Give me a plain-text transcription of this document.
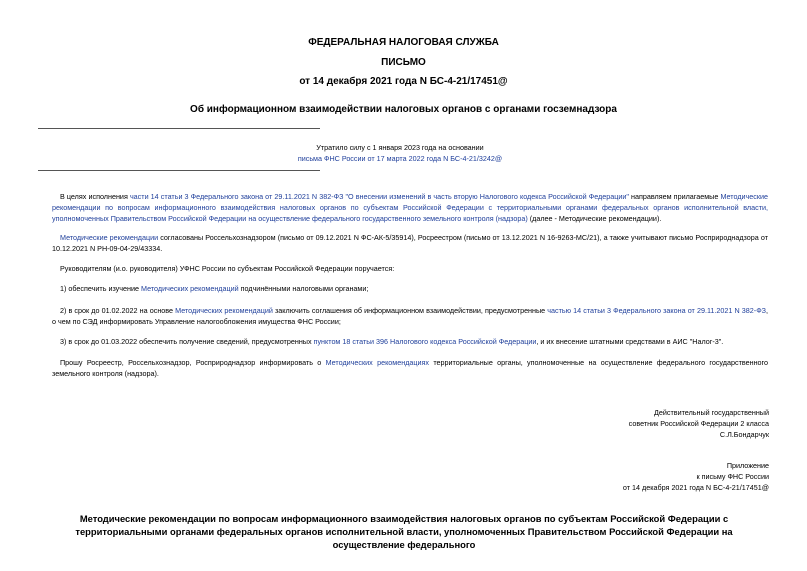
ФЕДЕРАЛЬНАЯ НАЛОГОВАЯ СЛУЖБА
ПИСЬМО
от 14 декабря 2021 года N БС-4-21/17451@
Об информационном взаимодействии налоговых органов с органами госземнадзора
Утратило силу с 1 января 2023 года на основании
письма ФНС России от 17 марта 2022 года N БС-4-21/3242@
В целях исполнения части 14 статьи 3 Федерального закона от 29.11.2021 N 382-ФЗ "О внесении изменений в часть вторую Налогового кодекса Российской Федерации" направляем прилагаемые Методические рекомендации по вопросам информационного взаимодействия налоговых органов по субъектам Российской Федерации с территориальными органами федеральных органов исполнительной власти, уполномоченных Правительством Российской Федерации на осуществление федерального государственного земельного контроля (надзора) (далее - Методические рекомендации).
Методические рекомендации согласованы Россельхознадзором (письмо от 09.12.2021 N ФС-АК-5/35914), Росреестром (письмо от 13.12.2021 N 16-9263-МС/21), а также учитывают письмо Росприроднадзора от 10.12.2021 N РН-09-04-29/43334.
Руководителям (и.о. руководителя) УФНС России по субъектам Российской Федерации поручается:
1) обеспечить изучение Методических рекомендаций подчинёнными налоговыми органами;
2) в срок до 01.02.2022 на основе Методических рекомендаций заключить соглашения об информационном взаимодействии, предусмотренные частью 14 статьи 3 Федерального закона от 29.11.2021 N 382-ФЗ, о чем по СЭД информировать Управление налогообложения имущества ФНС России;
3) в срок до 01.03.2022 обеспечить получение сведений, предусмотренных пунктом 18 статьи 396 Налогового кодекса Российской Федерации, и их внесение штатными средствами в АИС "Налог-3".
Прошу Росреестр, Россельхознадзор, Росприроднадзор информировать о Методических рекомендациях территориальные органы, уполномоченные на осуществление федерального государственного земельного контроля (надзора).
Действительный государственный
советник Российской Федерации 2 класса
С.Л.Бондарчук
Приложение
к письму ФНС России
от 14 декабря 2021 года N БС-4-21/17451@
Методические рекомендации по вопросам информационного взаимодействия налоговых органов по субъектам Российской Федерации с территориальными органами федеральных органов исполнительной власти, уполномоченных Правительством Российской Федерации на осуществление федерального
